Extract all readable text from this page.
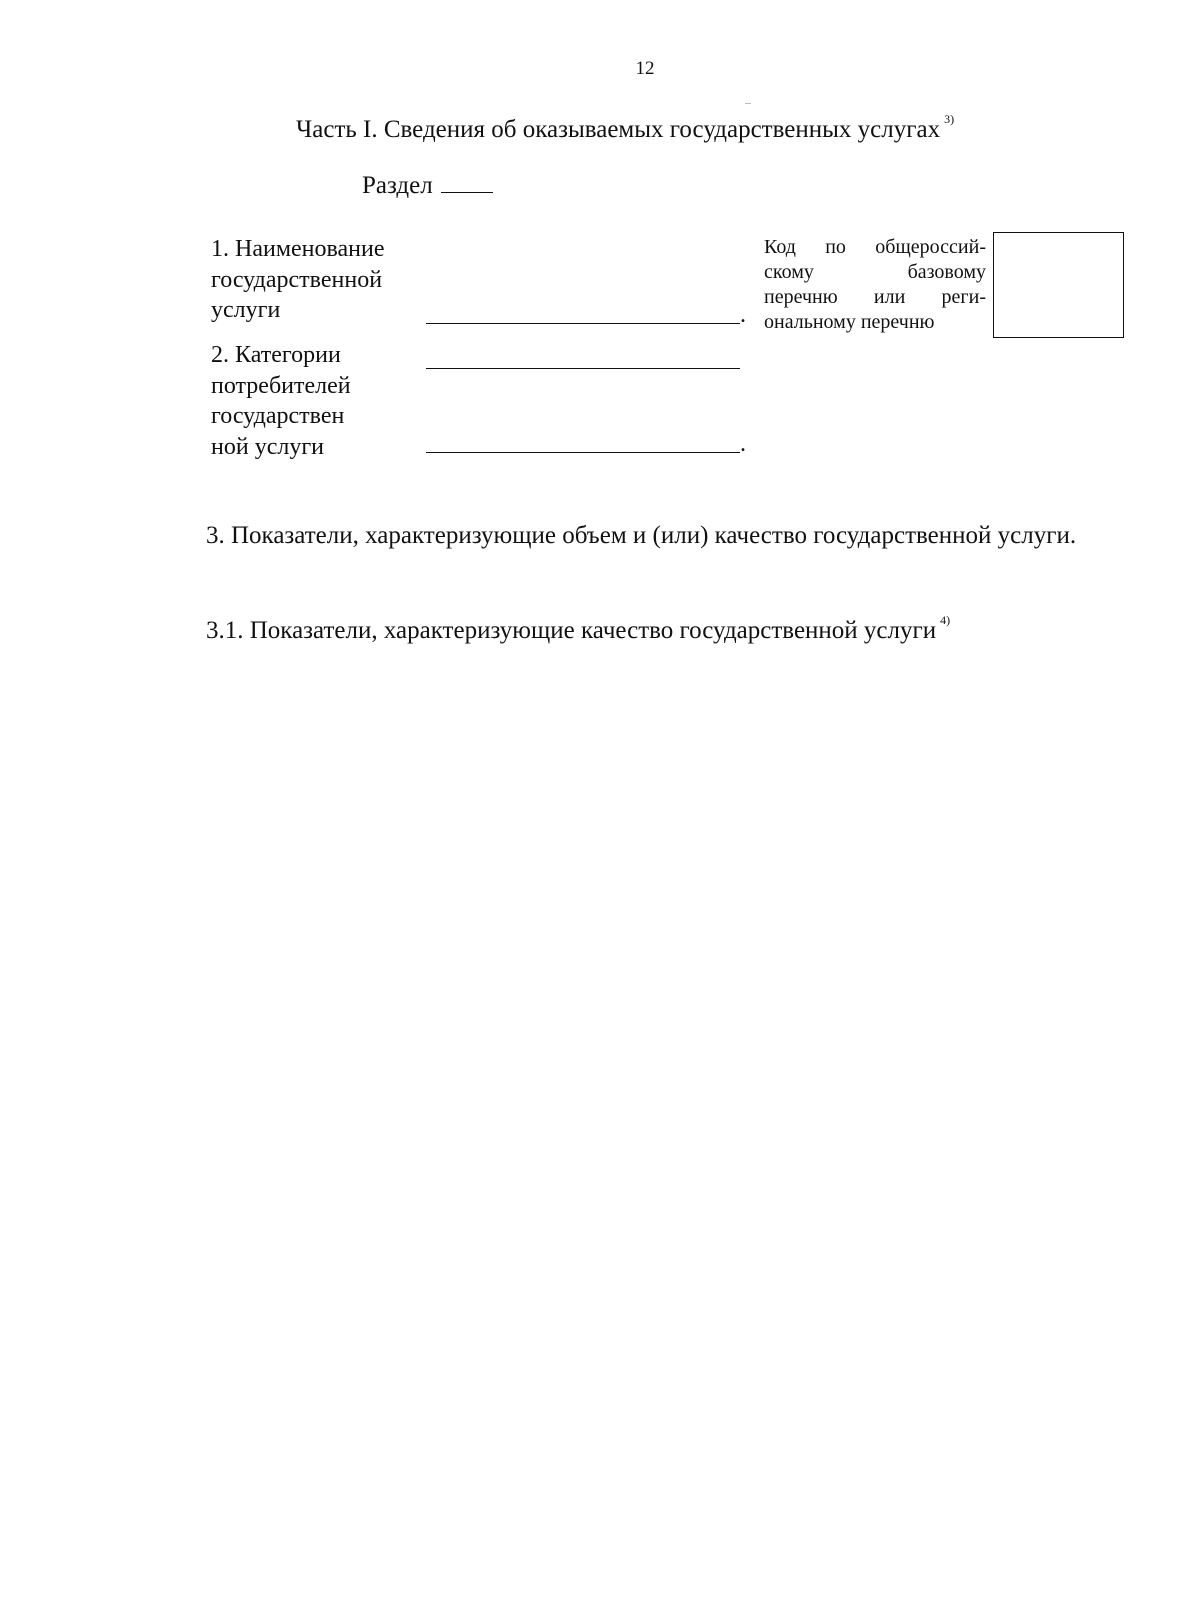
12
Часть I. Сведения об оказываемых государственных услугах $^{3)}$
Раздел
1. Наименование
государственной
услуги	.
2. Категории
потребителей
государствен
ной услуги	.
Код по общероссий-
скому базовому
перечню или реги-
ональному перечню
3. Показатели, характеризующие объем и (или) качество государственной услуги.
3.1. Показатели, характеризующие качество государственной услуги $^{4)}$
